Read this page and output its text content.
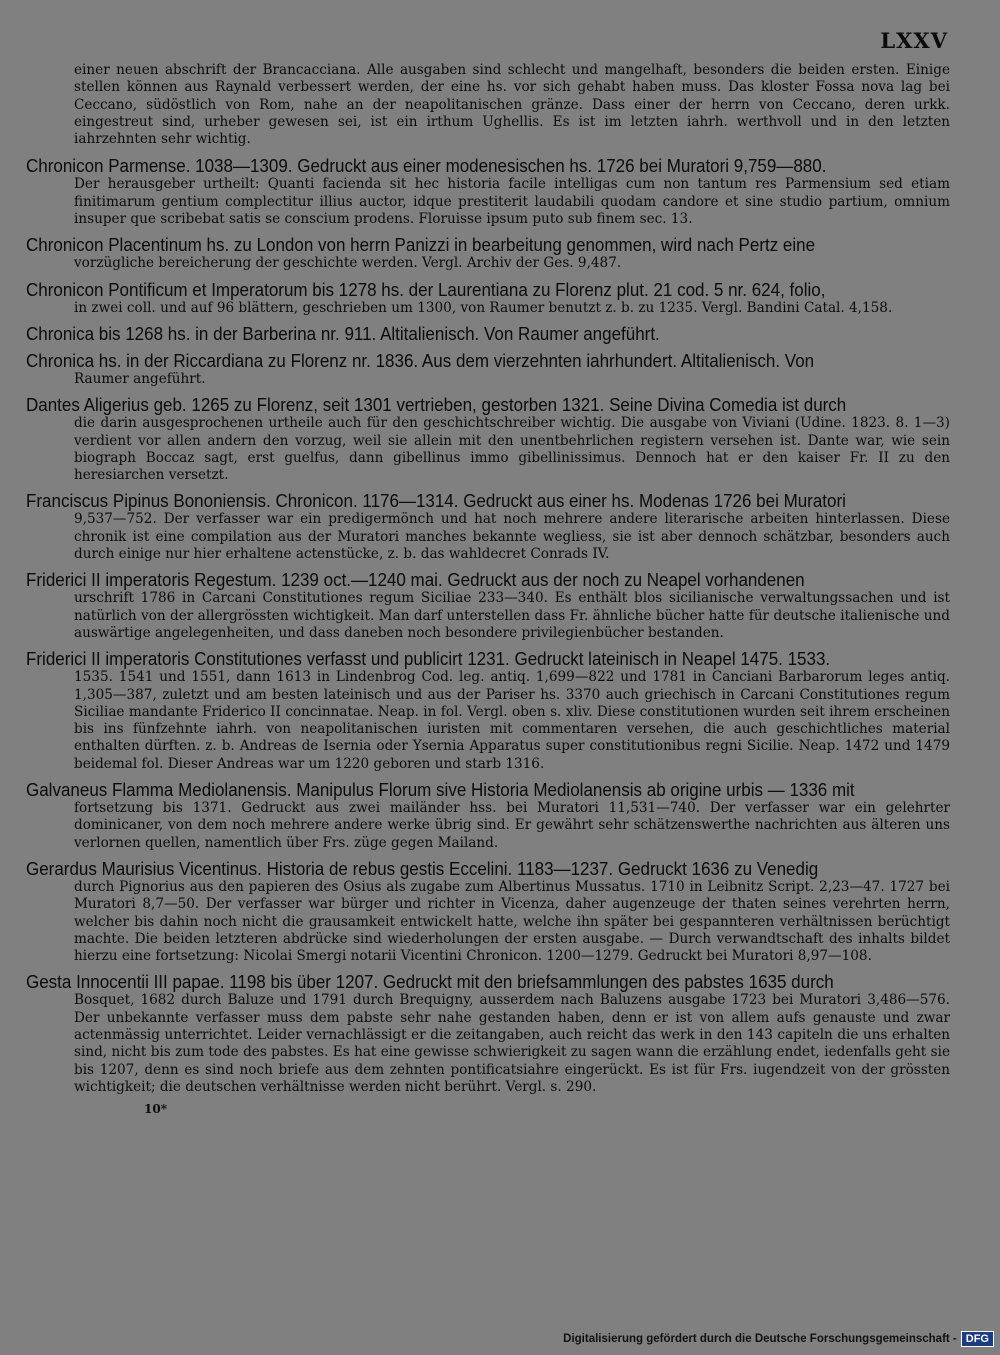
LXXV

einer neuen abschrift der Brancacciana. Alle ausgaben sind schlecht und mangelhaft, besonders die beiden ersten. Einige stellen können aus Raynald verbessert werden, der eine hs. vor sich gehabt haben muss. Das kloster Fossa nova lag bei Ceccano, südöstlich von Rom, nahe an der neapolitanischen gränze. Dass einer der herrn von Ceccano, deren urkk. eingestreut sind, urheber gewesen sei, ist ein irthum Ughellis. Es ist im letzten iahrh. werthvoll und in den letzten iahrzehnten sehr wichtig.

Chronicon Parmense. 1038—1309. Gedruckt aus einer modenesischen hs. 1726 bei Muratori 9,759—880.

Der herausgeber urtheilt: Quanti facienda sit hec historia facile intelligas cum non tantum res Parmensium sed etiam finitimarum gentium complectitur illius auctor, idque prestiterit laudabili quodam candore et sine studio partium, omnium insuper que scribebat satis se conscium prodens. Floruisse ipsum puto sub finem sec. 13.

Chronicon Placentinum hs. zu London von herrn Panizzi in bearbeitung genommen, wird nach Pertz eine

vorzügliche bereicherung der geschichte werden. Vergl. Archiv der Ges. 9,487.

Chronicon Pontificum et Imperatorum bis 1278 hs. der Laurentiana zu Florenz plut. 21 cod. 5 nr. 624, folio,

in zwei coll. und auf 96 blättern, geschrieben um 1300, von Raumer benutzt z. b. zu 1235. Vergl. Bandini Catal. 4,158.

Chronica bis 1268 hs. in der Barberina nr. 911. Altitalienisch. Von Raumer angeführt.

Chronica hs. in der Riccardiana zu Florenz nr. 1836. Aus dem vierzehnten iahrhundert. Altitalienisch. Von

Raumer angeführt.

Dantes Aligerius geb. 1265 zu Florenz, seit 1301 vertrieben, gestorben 1321. Seine Divina Comedia ist durch

die darin ausgesprochenen urtheile auch für den geschichtschreiber wichtig. Die ausgabe von Viviani (Udine. 1823. 8. 1—3) verdient vor allen andern den vorzug, weil sie allein mit den unentbehrlichen registern versehen ist. Dante war, wie sein biograph Boccaz sagt, erst guelfus, dann gibellinus immo gibellinissimus. Dennoch hat er den kaiser Fr. II zu den heresiarchen versetzt.

Franciscus Pipinus Bononiensis. Chronicon. 1176—1314. Gedruckt aus einer hs. Modenas 1726 bei Muratori

9,537—752. Der verfasser war ein predigermönch und hat noch mehrere andere literarische arbeiten hinterlassen. Diese chronik ist eine compilation aus der Muratori manches bekannte wegliess, sie ist aber dennoch schätzbar, besonders auch durch einige nur hier erhaltene actenstücke, z. b. das wahldecret Conrads IV.

Friderici II imperatoris Regestum. 1239 oct.—1240 mai. Gedruckt aus der noch zu Neapel vorhandenen

urschrift 1786 in Carcani Constitutiones regum Siciliae 233—340. Es enthält blos sicilianische verwaltungssachen und ist natürlich von der allergrössten wichtigkeit. Man darf unterstellen dass Fr. ähnliche bücher hatte für deutsche italienische und auswärtige angelegenheiten, und dass daneben noch besondere privilegienbücher bestanden.

Friderici II imperatoris Constitutiones verfasst und publicirt 1231. Gedruckt lateinisch in Neapel 1475. 1533.

1535. 1541 und 1551, dann 1613 in Lindenbrog Cod. leg. antiq. 1,699—822 und 1781 in Canciani Barbarorum leges antiq. 1,305—387, zuletzt und am besten lateinisch und aus der Pariser hs. 3370 auch griechisch in Carcani Constitutiones regum Siciliae mandante Friderico II concinnatae. Neap. in fol. Vergl. oben s. xliv. Diese constitutionen wurden seit ihrem erscheinen bis ins fünfzehnte iahrh. von neapolitanischen iuristen mit commentaren versehen, die auch geschichtliches material enthalten dürften. z. b. Andreas de Isernia oder Ysernia Apparatus super constitutionibus regni Sicilie. Neap. 1472 und 1479 beidemal fol. Dieser Andreas war um 1220 geboren und starb 1316.

Galvaneus Flamma Mediolanensis. Manipulus Florum sive Historia Mediolanensis ab origine urbis — 1336 mit

fortsetzung bis 1371. Gedruckt aus zwei mailänder hss. bei Muratori 11,531—740. Der verfasser war ein gelehrter dominicaner, von dem noch mehrere andere werke übrig sind. Er gewährt sehr schätzenswerthe nachrichten aus älteren uns verlornen quellen, namentlich über Frs. züge gegen Mailand.

Gerardus Maurisius Vicentinus. Historia de rebus gestis Eccelini. 1183—1237. Gedruckt 1636 zu Venedig

durch Pignorius aus den papieren des Osius als zugabe zum Albertinus Mussatus. 1710 in Leibnitz Script. 2,23—47. 1727 bei Muratori 8,7—50. Der verfasser war bürger und richter in Vicenza, daher augenzeuge der thaten seines verehrten herrn, welcher bis dahin noch nicht die grausamkeit entwickelt hatte, welche ihn später bei gespannteren verhältnissen berüchtigt machte. Die beiden letzteren abdrücke sind wiederholungen der ersten ausgabe. — Durch verwandtschaft des inhalts bildet hierzu eine fortsetzung: Nicolai Smergi notarii Vicentini Chronicon. 1200—1279. Gedruckt bei Muratori 8,97—108.

Gesta Innocentii III papae. 1198 bis über 1207. Gedruckt mit den briefsammlungen des pabstes 1635 durch

Bosquet, 1682 durch Baluze und 1791 durch Brequigny, ausserdem nach Baluzens ausgabe 1723 bei Muratori 3,486—576. Der unbekannte verfasser muss dem pabste sehr nahe gestanden haben, denn er ist von allem aufs genauste und zwar actenmässig unterrichtet. Leider vernachlässigt er die zeitangaben, auch reicht das werk in den 143 capiteln die uns erhalten sind, nicht bis zum tode des pabstes. Es hat eine gewisse schwierigkeit zu sagen wann die erzählung endet, iedenfalls geht sie bis 1207, denn es sind noch briefe aus dem zehnten pontificatsiahre eingerückt. Es ist für Frs. iugendzeit von der grössten wichtigkeit; die deutschen verhältnisse werden nicht berührt. Vergl. s. 290.

10*
Digitalisierung gefördert durch die Deutsche Forschungsgemeinschaft - DFG
